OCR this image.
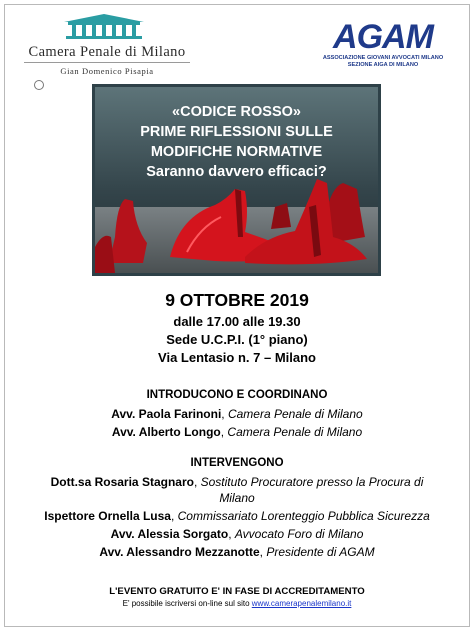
Camera Penale di Milano
Gian Domenico Pisapia

AGAM
ASSOCIAZIONE GIOVANI AVVOCATI MILANO
SEZIONE AIGA DI MILANO
«CODICE ROSSO»
PRIME RIFLESSIONI SULLE
MODIFICHE NORMATIVE
Saranno davvero efficaci?
9 OTTOBRE 2019
dalle 17.00 alle 19.30
Sede U.C.P.I. (1° piano)
Via Lentasio n. 7 – Milano
INTRODUCONO E COORDINANO
Avv. Paola Farinoni, Camera Penale di Milano
Avv. Alberto Longo, Camera Penale di Milano
INTERVENGONO
Dott.sa Rosaria Stagnaro, Sostituto Procuratore presso la Procura di
Milano
Ispettore Ornella Lusa, Commissariato Lorenteggio Pubblica Sicurezza
Avv. Alessia Sorgato, Avvocato Foro di Milano
Avv. Alessandro Mezzanotte, Presidente di AGAM
L'EVENTO GRATUITO E' IN FASE DI ACCREDITAMENTO
E' possibile iscriversi on-line sul sito www.camerapenalemilano.it
